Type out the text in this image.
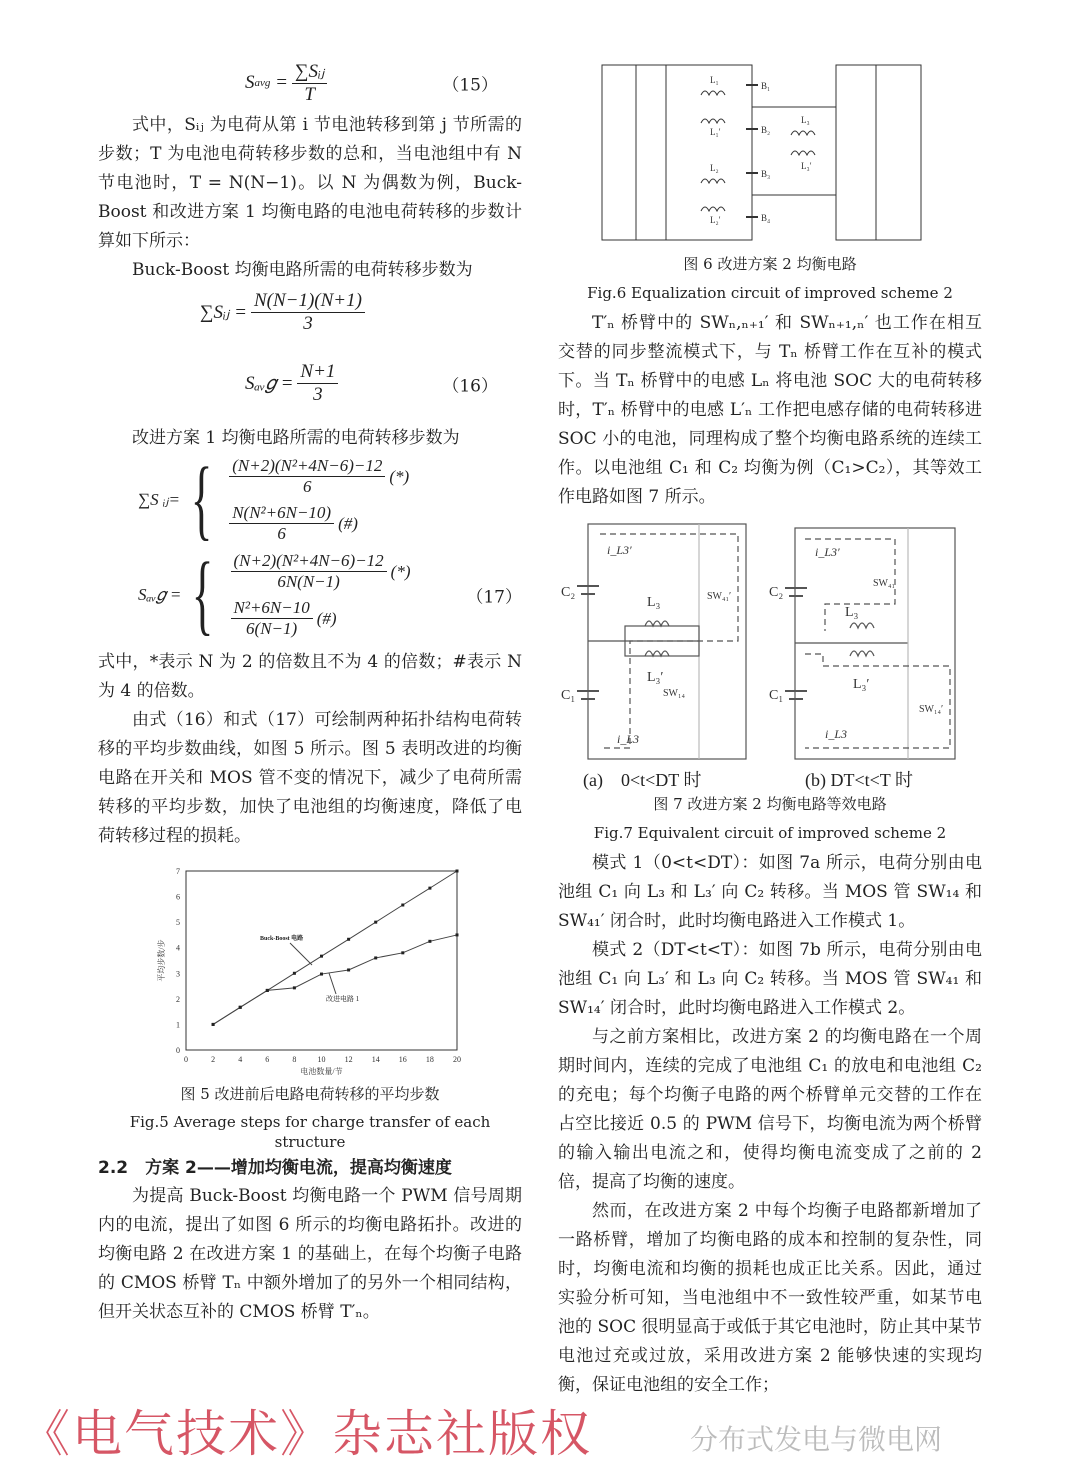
S avg = $\frac{\text{∑Sᵢⱼ}}{T}$	（15）
式中，Sᵢⱼ 为电荷从第 i 节电池转移到第 j 节所需的步数；T 为电池电荷转移步数的总和，当电池组中有 N 节电池时，T = N(N−1)。以 N 为偶数为例，Buck-Boost 和改进方案 1 均衡电路的电池电荷转移的步数计算如下所示：
Buck-Boost 均衡电路所需的电荷转移步数为
∑Sᵢⱼ = $\frac{N(N-1)(N+1)}{3}$
Sₐᵥ𝑔 = $\frac{N+1}{3}$	（16）
改进方案 1 均衡电路所需的电荷转移步数为
∑S ᵢⱼ= { $\frac{\text{(N+2)(N²+4N−6)−12}}{6}$ (*)
$\frac{\text{N(N²+6N−10)}}{6}$ (#)
Sₐᵥ𝑔 = { $\frac{\text{(N+2)(N²+4N−6)−12}}{6N(N-1)}$ (*)
$\frac{\text{N²+6N−10}}{6(N-1)}$ (#)
（17）
式中，*表示 N 为 2 的倍数且不为 4 的倍数；#表示 N 为 4 的倍数。
由式（16）和式（17）可绘制两种拓扑结构电荷转移的平均步数曲线，如图 5 所示。图 5 表明改进的均衡电路在开关和 MOS 管不变的情况下，减少了电荷所需转移的平均步数，加快了电池组的均衡速度，降低了电荷转移过程的损耗。
0	2	4	6	8	10 12 14 16 18 20
0
1
2
3
4
5
6
7
电池数量/节
平均步数/步
Buck-Boost 电路
改进电路 1
图 5 改进前后电路电荷转移的平均步数
Fig.5 Average steps for charge transfer of each structure
2.2　方案 2——增加均衡电流，提高均衡速度
为提高 Buck-Boost 均衡电路一个 PWM 信号周期内的电流，提出了如图 6 所示的均衡电路拓扑。改进的均衡电路 2 在改进方案 1 的基础上，在每个均衡子电路的 CMOS 桥臂 Tₙ 中额外增加了的另外一个相同结构，但开关状态互补的 CMOS 桥臂 T′ₙ。
B₁
B₂
B₃
B₄
L₁
L₁′
L₂
L₂′
L₃
L₃′
图 6 改进方案 2 均衡电路
Fig.6 Equalization circuit of improved scheme 2
T′ₙ 桥臂中的 SWₙ,ₙ₊₁′ 和 SWₙ₊₁,ₙ′ 也工作在相互交替的同步整流模式下，与 Tₙ 桥臂工作在互补的模式下。当 Tₙ 桥臂中的电感 Lₙ 将电池 SOC 大的电荷转移时，T′ₙ 桥臂中的电感 L′ₙ 工作把电感存储的电荷转移进 SOC 小的电池，同理构成了整个均衡电路系统的连续工作。以电池组 C₁ 和 C₂ 均衡为例（C₁>C₂），其等效工作电路如图 7 所示。
C₂
C₁
L₃
L₃′
i_L3′
i_L3
SW₄₁′
SW₁₄
C₂
C₁
L₃
L₃′
i_L3′
i_L3
SW₄₁
SW₁₄′
(a)　0<t<DT 时	(b) DT<t<T 时
图 7 改进方案 2 均衡电路等效电路
Fig.7 Equivalent circuit of improved scheme 2
模式 1（0<t<DT）：如图 7a 所示，电荷分别由电池组 C₁ 向 L₃ 和 L₃′ 向 C₂ 转移。当 MOS 管 SW₁₄ 和 SW₄₁′ 闭合时，此时均衡电路进入工作模式 1。
模式 2（DT<t<T）：如图 7b 所示，电荷分别由电池组 C₁ 向 L₃′ 和 L₃ 向 C₂ 转移。当 MOS 管 SW₄₁ 和 SW₁₄′ 闭合时，此时均衡电路进入工作模式 2。
与之前方案相比，改进方案 2 的均衡电路在一个周期时间内，连续的完成了电池组 C₁ 的放电和电池组 C₂ 的充电；每个均衡子电路的两个桥臂单元交替的工作在占空比接近 0.5 的 PWM 信号下，均衡电流为两个桥臂的输入输出电流之和，使得均衡电流变成了之前的 2 倍，提高了均衡的速度。
然而，在改进方案 2 中每个均衡子电路都新增加了一路桥臂，增加了均衡电路的成本和控制的复杂性，同时，均衡电流和均衡的损耗也成正比关系。因此，通过实验分析可知，当电池组中不一致性较严重，如某节电池的 SOC 很明显高于或低于其它电池时，防止其中某节电池过充或过放，采用改进方案 2 能够快速的实现均衡，保证电池组的安全工作；
《电气技术》杂志社版权	分布式发电与微电网
